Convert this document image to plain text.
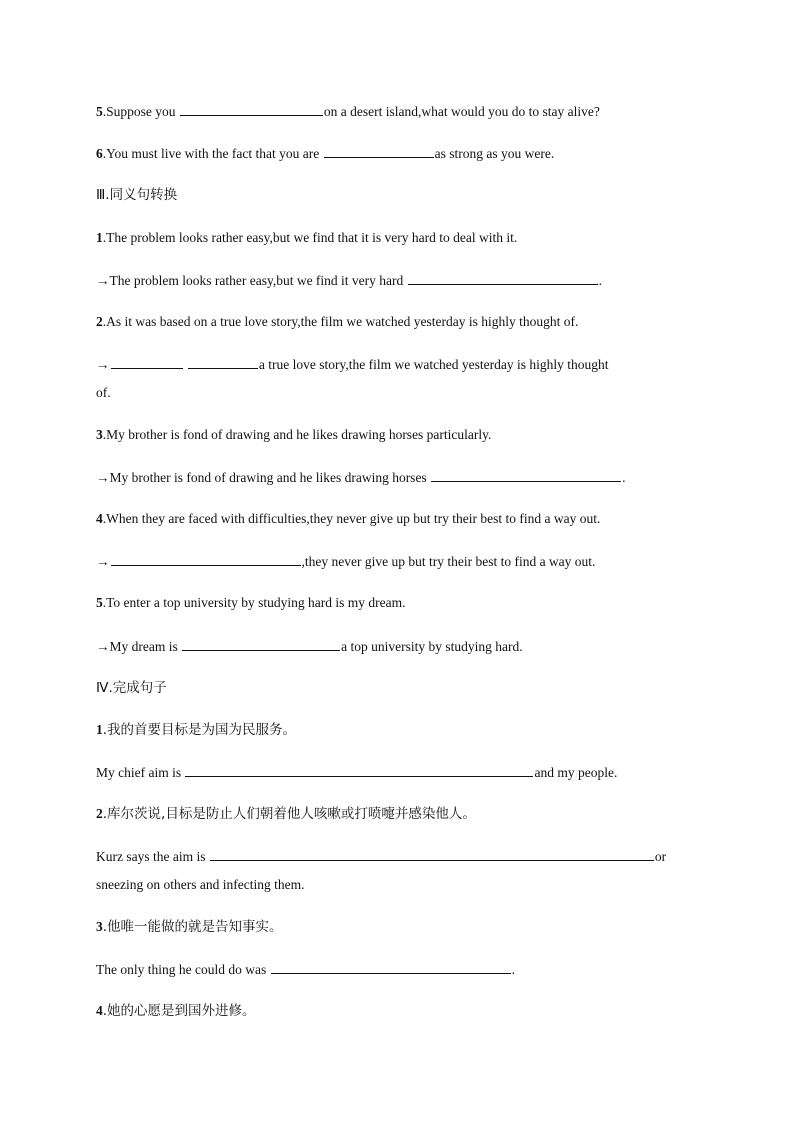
5.Suppose you	on a desert island,what would you do to stay alive?
6.You must live with the fact that you are	as strong as you were.
Ⅲ.同义句转换
1.The problem looks rather easy,but we find that it is very hard to deal with it.
→The problem looks rather easy,but we find it very hard	.
2.As it was based on a true love story,the film we watched yesterday is highly thought of.
→	a true love story,the film we watched yesterday is highly thought
of.
3.My brother is fond of drawing and he likes drawing horses particularly.
→My brother is fond of drawing and he likes drawing horses	.
4.When they are faced with difficulties,they never give up but try their best to find a way out.
→	,they never give up but try their best to find a way out.
5.To enter a top university by studying hard is my dream.
→My dream is	a top university by studying hard.
Ⅳ.完成句子
1.我的首要目标是为国为民服务。
My chief aim is	and my people.
2.库尔茨说,目标是防止人们朝着他人咳嗽或打喷嚏并感染他人。
Kurz says the aim is	or
sneezing on others and infecting them.
3.他唯一能做的就是告知事实。
The only thing he could do was	.
4.她的心愿是到国外进修。
